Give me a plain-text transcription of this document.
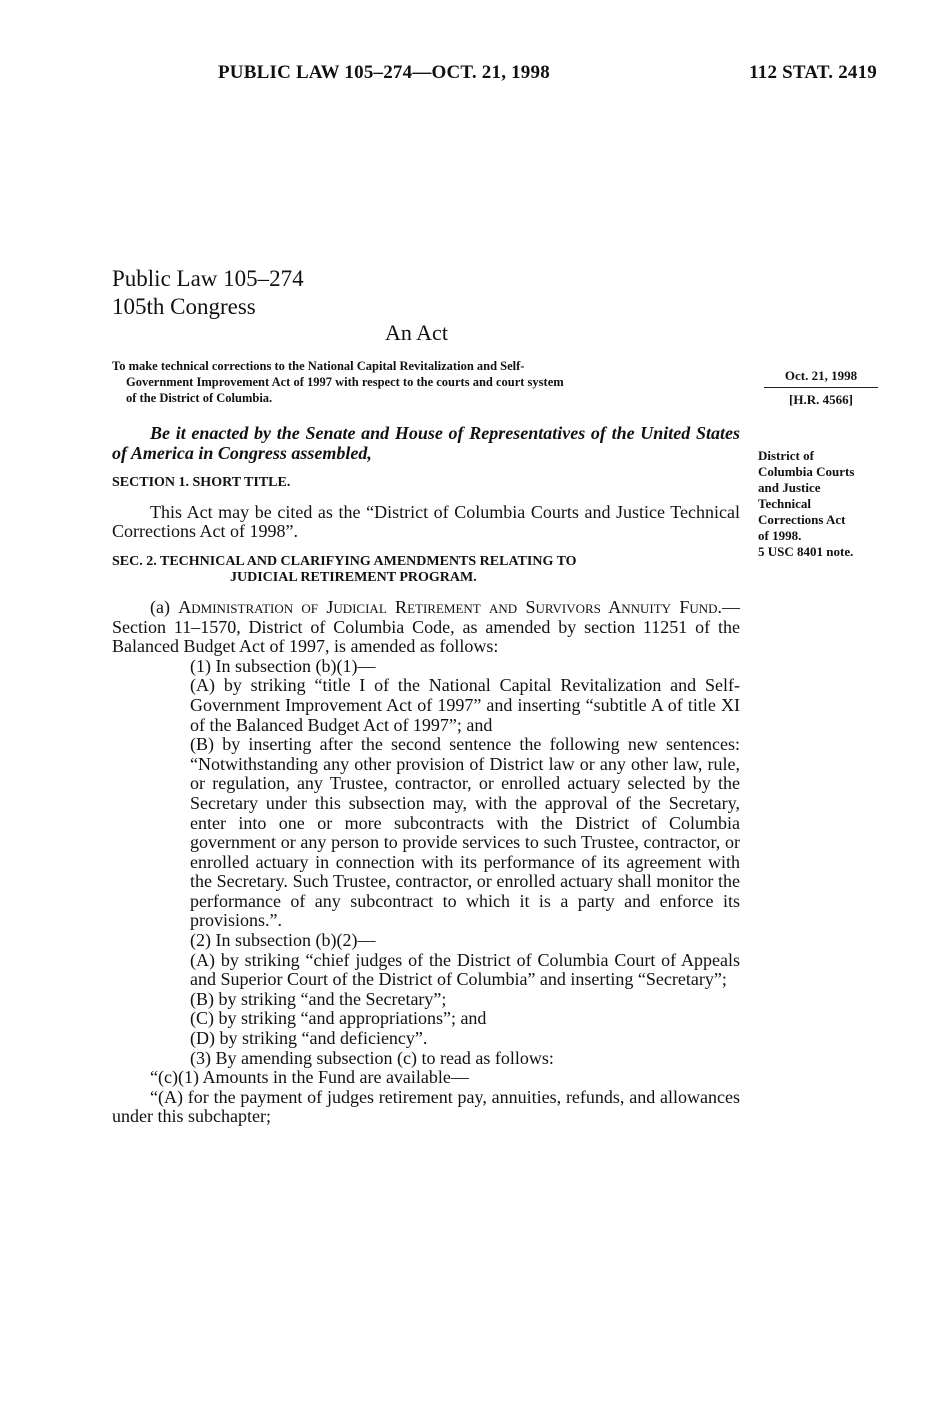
PUBLIC LAW 105–274—OCT. 21, 1998	112 STAT. 2419
Public Law 105–274
105th Congress
An Act
To make technical corrections to the National Capital Revitalization and Self-
Government Improvement Act of 1997 with respect to the courts and court system
of the District of Columbia.
Oct. 21, 1998
[H.R. 4566]
District of
Columbia Courts
and Justice
Technical
Corrections Act
of 1998.
5 USC 8401 note.

Be it enacted by the Senate and House of Representatives of the United States of America in Congress assembled,

SECTION 1. SHORT TITLE.

This Act may be cited as the “District of Columbia Courts and Justice Technical Corrections Act of 1998”.

SEC. 2. TECHNICAL AND CLARIFYING AMENDMENTS RELATING TO
JUDICIAL RETIREMENT PROGRAM.

(a) Administration of Judicial Retirement and Survivors Annuity Fund.—Section 11–1570, District of Columbia Code, as amended by section 11251 of the Balanced Budget Act of 1997, is amended as follows:

(1) In subsection (b)(1)—

(A) by striking “title I of the National Capital Revitalization and Self-Government Improvement Act of 1997” and inserting “subtitle A of title XI of the Balanced Budget Act of 1997”; and

(B) by inserting after the second sentence the following new sentences: “Notwithstanding any other provision of District law or any other law, rule, or regulation, any Trustee, contractor, or enrolled actuary selected by the Secretary under this subsection may, with the approval of the Secretary, enter into one or more subcontracts with the District of Columbia government or any person to provide services to such Trustee, contractor, or enrolled actuary in connection with its performance of its agreement with the Secretary. Such Trustee, contractor, or enrolled actuary shall monitor the performance of any subcontract to which it is a party and enforce its provisions.”.

(2) In subsection (b)(2)—

(A) by striking “chief judges of the District of Columbia Court of Appeals and Superior Court of the District of Columbia” and inserting “Secretary”;

(B) by striking “and the Secretary”;

(C) by striking “and appropriations”; and

(D) by striking “and deficiency”.

(3) By amending subsection (c) to read as follows:

“(c)(1) Amounts in the Fund are available—

“(A) for the payment of judges retirement pay, annuities, refunds, and allowances under this subchapter;
